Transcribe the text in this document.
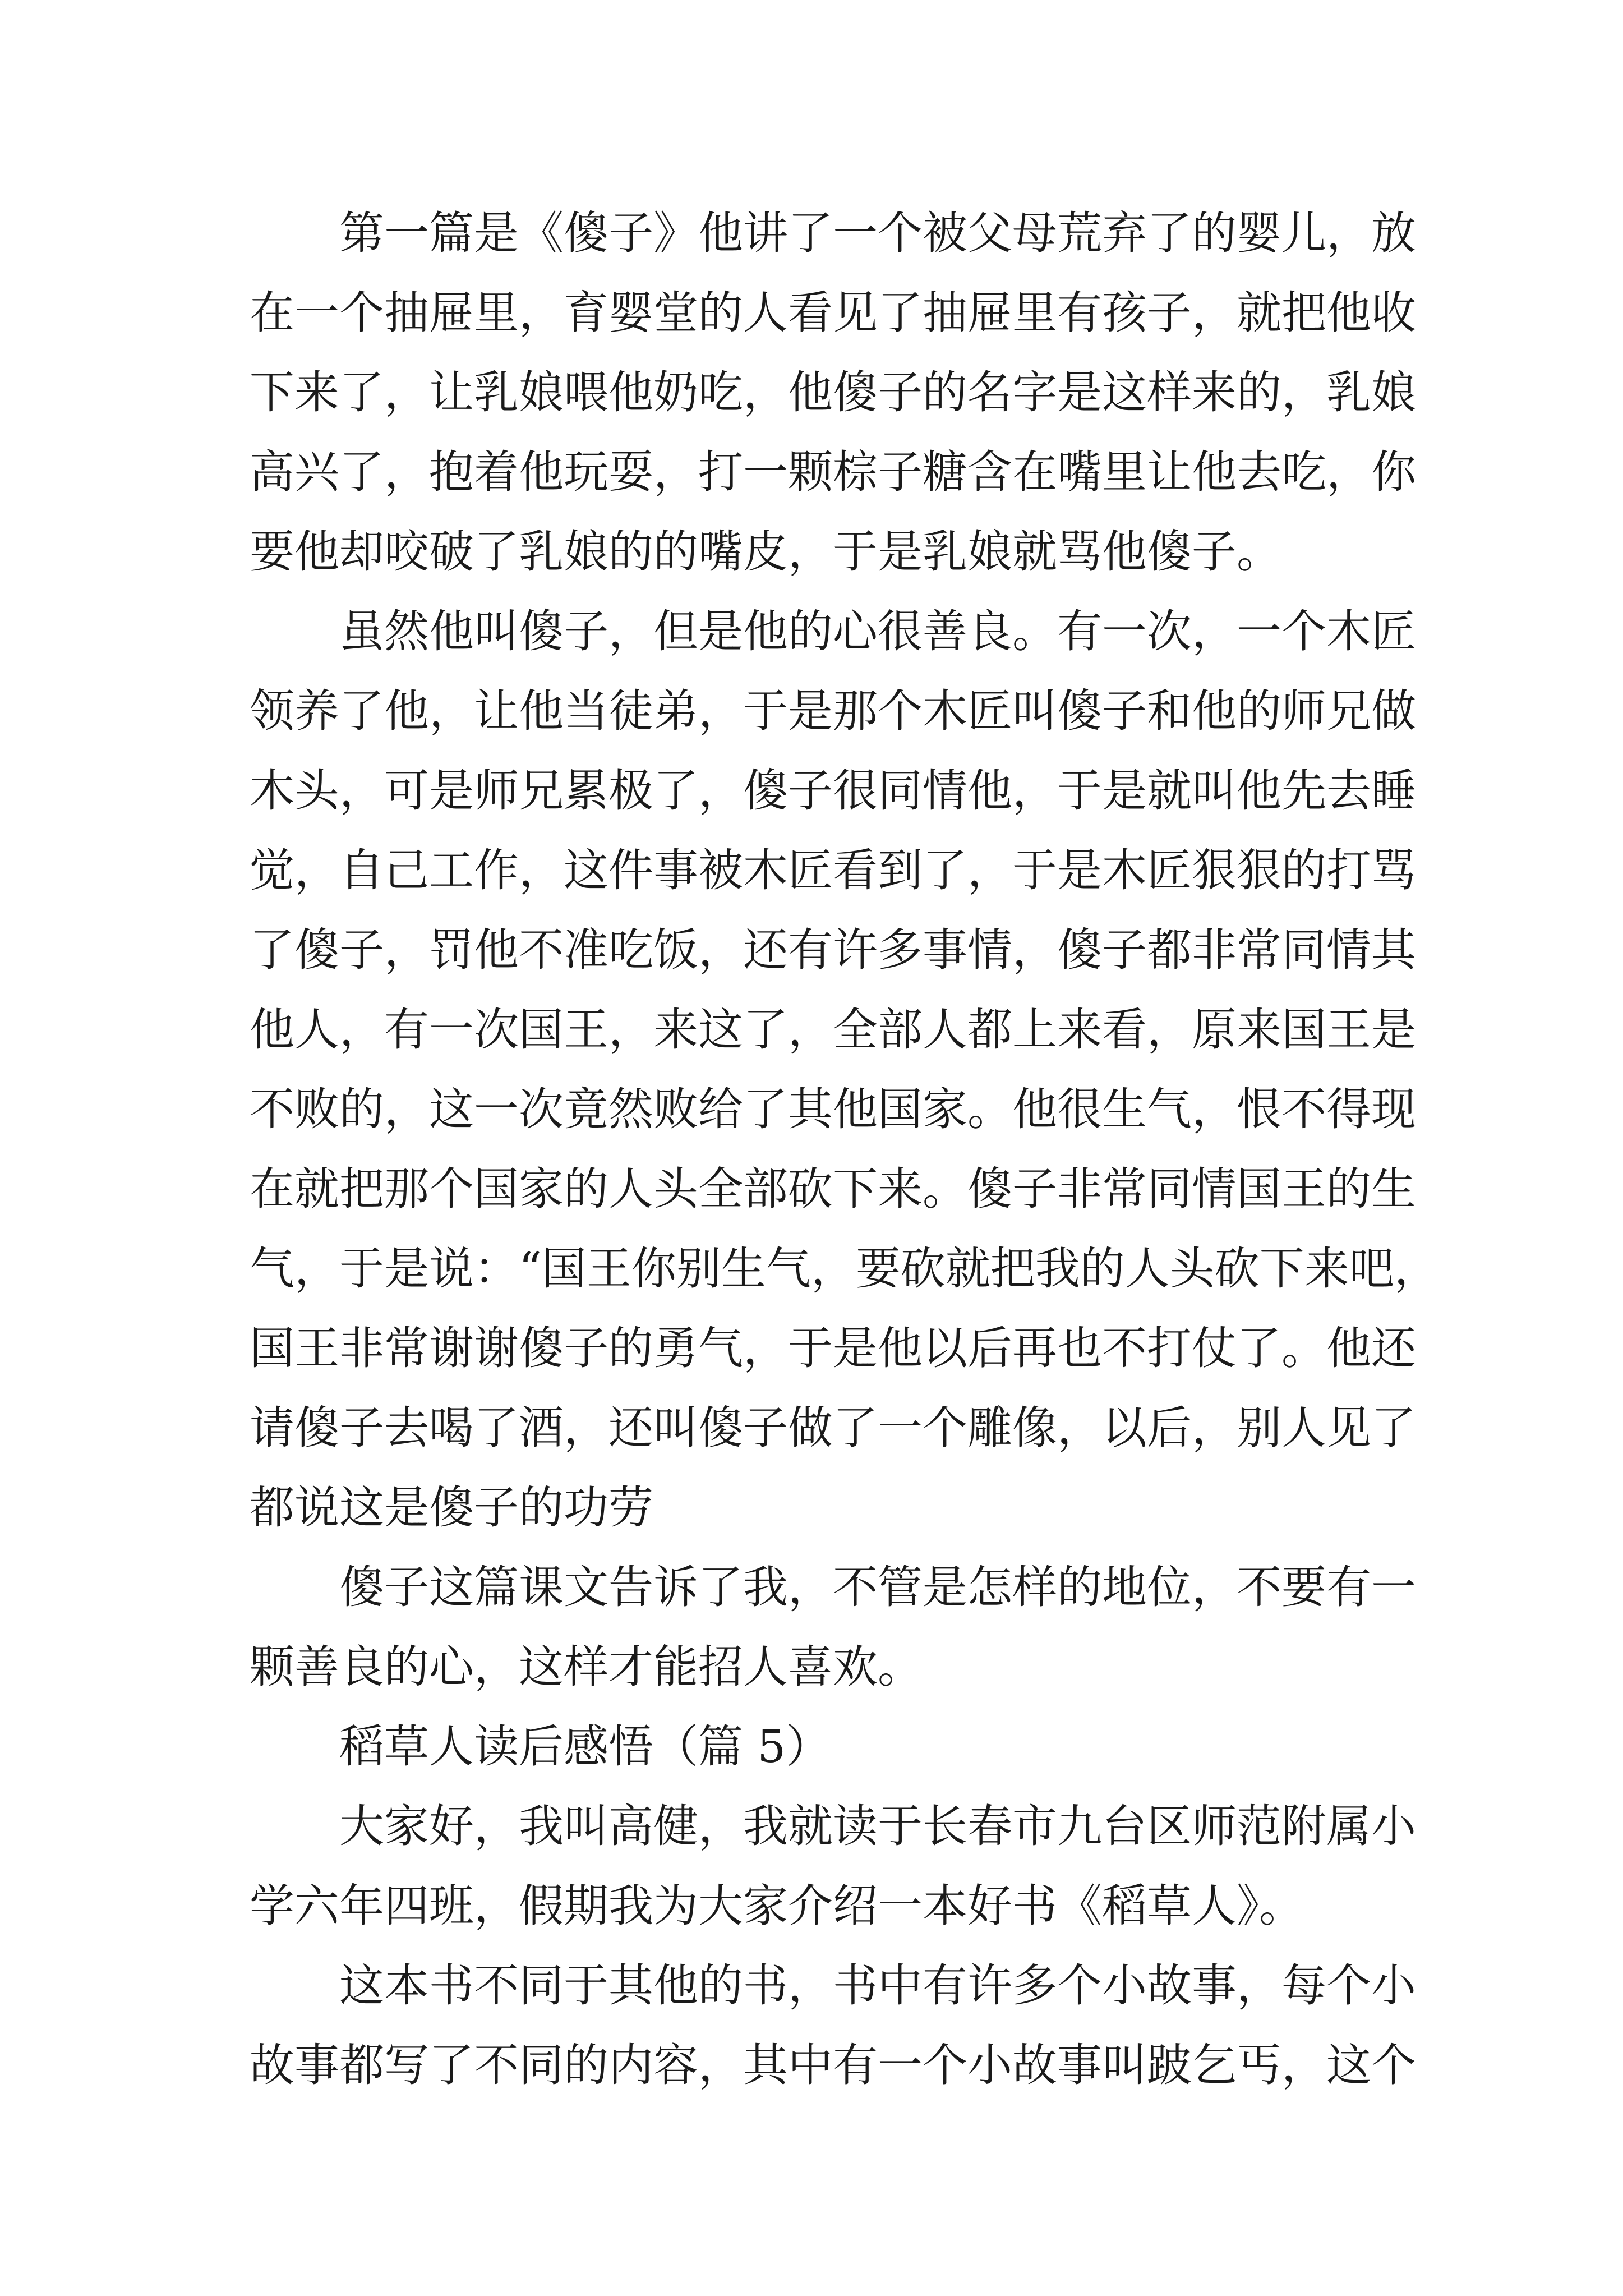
第一篇是《傻子》他讲了一个被父母荒弃了的婴儿，放
在一个抽屉里，育婴堂的人看见了抽屉里有孩子，就把他收
下来了，让乳娘喂他奶吃，他傻子的名字是这样来的，乳娘
高兴了，抱着他玩耍，打一颗棕子糖含在嘴里让他去吃，你
要他却咬破了乳娘的的嘴皮，于是乳娘就骂他傻子。
虽然他叫傻子，但是他的心很善良。有一次，一个木匠
领养了他，让他当徒弟，于是那个木匠叫傻子和他的师兄做
木头，可是师兄累极了，傻子很同情他，于是就叫他先去睡
觉，自己工作，这件事被木匠看到了，于是木匠狠狠的打骂
了傻子，罚他不准吃饭，还有许多事情，傻子都非常同情其
他人，有一次国王，来这了，全部人都上来看，原来国王是
不败的，这一次竟然败给了其他国家。他很生气，恨不得现
在就把那个国家的人头全部砍下来。傻子非常同情国王的生
气，于是说：“国王你别生气，要砍就把我的人头砍下来吧，
国王非常谢谢傻子的勇气，于是他以后再也不打仗了。他还
请傻子去喝了酒，还叫傻子做了一个雕像，以后，别人见了
都说这是傻子的功劳
傻子这篇课文告诉了我，不管是怎样的地位，不要有一
颗善良的心，这样才能招人喜欢。
稻草人读后感悟（篇 5）
大家好，我叫高健，我就读于长春市九台区师范附属小
学六年四班，假期我为大家介绍一本好书《稻草人》。
这本书不同于其他的书，书中有许多个小故事，每个小
故事都写了不同的内容，其中有一个小故事叫跛乞丐，这个
